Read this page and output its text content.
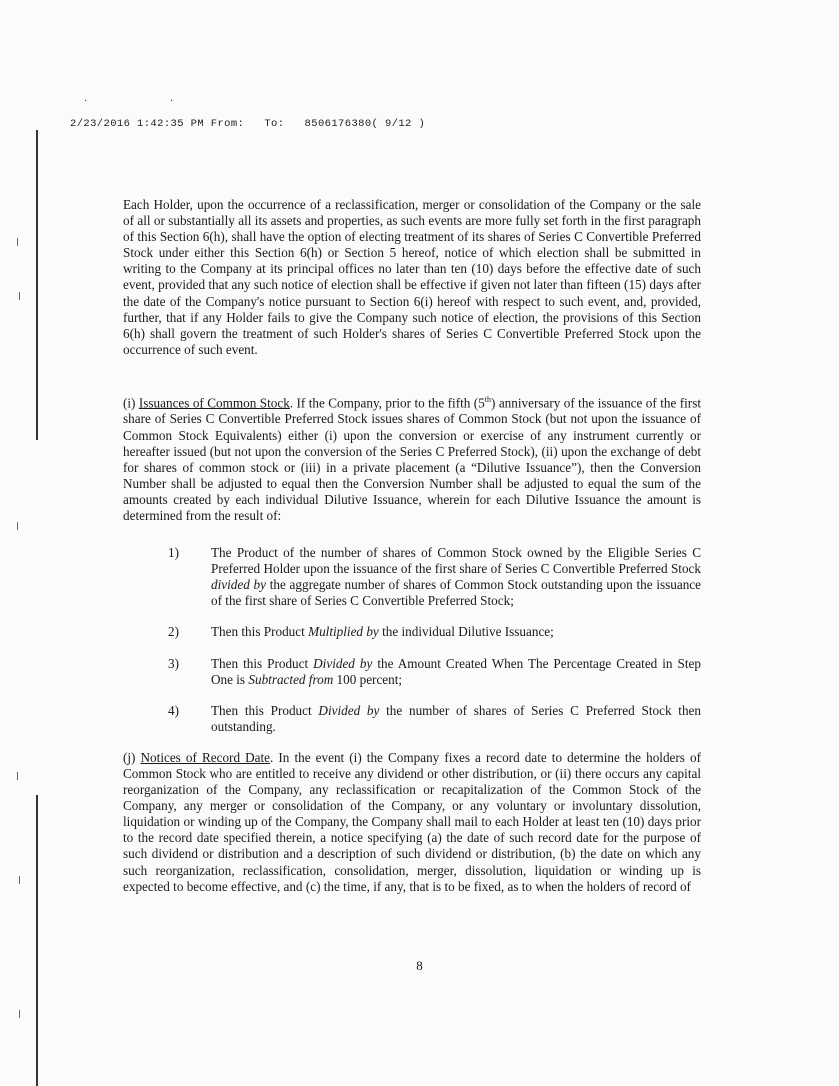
· ·
2/23/2016 1:42:35 PM From:   To:   8506176380( 9/12 )

Each Holder, upon the occurrence of a reclassification, merger or consolidation of the Company or the sale of all or substantially all its assets and properties, as such events are more fully set forth in the first paragraph of this Section 6(h), shall have the option of electing treatment of its shares of Series C Convertible Preferred Stock under either this Section 6(h) or Section 5 hereof, notice of which election shall be submitted in writing to the Company at its principal offices no later than ten (10) days before the effective date of such event, provided that any such notice of election shall be effective if given not later than fifteen (15) days after the date of the Company's notice pursuant to Section 6(i) hereof with respect to such event, and, provided, further, that if any Holder fails to give the Company such notice of election, the provisions of this Section 6(h) shall govern the treatment of such Holder's shares of Series C Convertible Preferred Stock upon the occurrence of such event.

(i) Issuances of Common Stock. If the Company, prior to the fifth (5th) anniversary of the issuance of the first share of Series C Convertible Preferred Stock issues shares of Common Stock (but not upon the issuance of Common Stock Equivalents) either (i) upon the conversion or exercise of any instrument currently or hereafter issued (but not upon the conversion of the Series C Preferred Stock), (ii) upon the exchange of debt for shares of common stock or (iii) in a private placement (a “Dilutive Issuance”), then the Conversion Number shall be adjusted to equal then the Conversion Number shall be adjusted to equal the sum of the amounts created by each individual Dilutive Issuance, wherein for each Dilutive Issuance the amount is determined from the result of:

1)	The Product of the number of shares of Common Stock owned by the Eligible Series C Preferred Holder upon the issuance of the first share of Series C Convertible Preferred Stock divided by the aggregate number of shares of Common Stock outstanding upon the issuance of the first share of Series C Convertible Preferred Stock;
2)	Then this Product Multiplied by the individual Dilutive Issuance;
3)	Then this Product Divided by the Amount Created When The Percentage Created in Step One is Subtracted from 100 percent;
4)	Then this Product Divided by the number of shares of Series C Preferred Stock then outstanding.

(j) Notices of Record Date. In the event (i) the Company fixes a record date to determine the holders of Common Stock who are entitled to receive any dividend or other distribution, or (ii) there occurs any capital reorganization of the Company, any reclassification or recapitalization of the Common Stock of the Company, any merger or consolidation of the Company, or any voluntary or involuntary dissolution, liquidation or winding up of the Company, the Company shall mail to each Holder at least ten (10) days prior to the record date specified therein, a notice specifying (a) the date of such record date for the purpose of such dividend or distribution and a description of such dividend or distribution, (b) the date on which any such reorganization, reclassification, consolidation, merger, dissolution, liquidation or winding up is expected to become effective, and (c) the time, if any, that is to be fixed, as to when the holders of record of

8
